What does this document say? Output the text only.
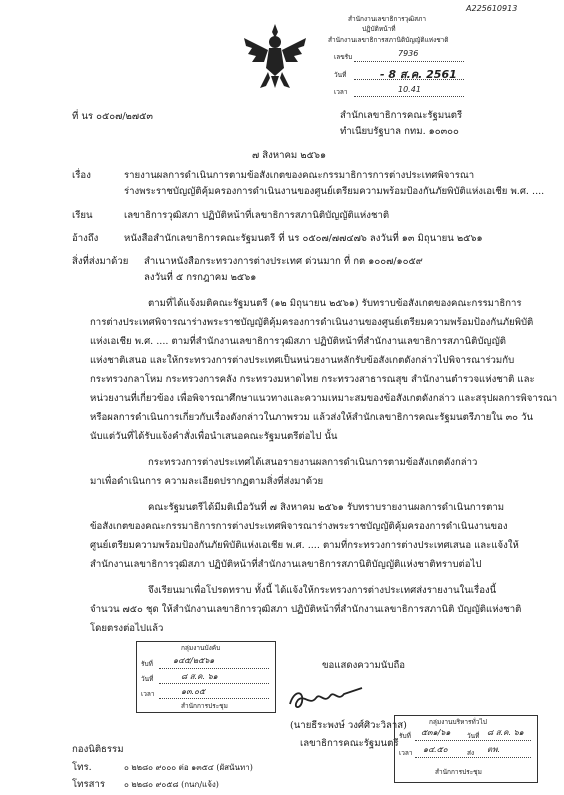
A225610913
สำนักงานเลขาธิการวุฒิสภา
ปฏิบัติหน้าที่
สำนักงานเลขาธิการสภานิติบัญญัติแห่งชาติ
เลขรับ	7936
วันที่	- 8 ส.ค. 2561
เวลา	10.41
ที่ นร ๐๕๐๗/๒๗๕๓	สำนักเลขาธิการคณะรัฐมนตรี
ทำเนียบรัฐบาล กทม. ๑๐๓๐๐
๗ สิงหาคม ๒๕๖๑
เรื่อง	รายงานผลการดำเนินการตามข้อสังเกตของคณะกรรมาธิการการต่างประเทศพิจารณา
ร่างพระราชบัญญัติคุ้มครองการดำเนินงานของศูนย์เตรียมความพร้อมป้องกันภัยพิบัติแห่งเอเชีย พ.ศ. ....
เรียน	เลขาธิการวุฒิสภา ปฏิบัติหน้าที่เลขาธิการสภานิติบัญญัติแห่งชาติ
อ้างถึง	หนังสือสำนักเลขาธิการคณะรัฐมนตรี ที่ นร ๐๕๐๗/๗๗๔๗๖ ลงวันที่ ๑๓ มิถุนายน ๒๕๖๑
สิ่งที่ส่งมาด้วย สำเนาหนังสือกระทรวงการต่างประเทศ ด่วนมาก ที่ กต ๑๐๐๗/๑๐๕๙
ลงวันที่ ๕ กรกฎาคม ๒๕๖๑
ตามที่ได้แจ้งมติคณะรัฐมนตรี (๑๒ มิถุนายน ๒๕๖๑) รับทราบข้อสังเกตของคณะกรรมาธิการ
การต่างประเทศพิจารณาร่างพระราชบัญญัติคุ้มครองการดำเนินงานของศูนย์เตรียมความพร้อมป้องกันภัยพิบัติ
แห่งเอเชีย พ.ศ. .... ตามที่สำนักงานเลขาธิการวุฒิสภา ปฏิบัติหน้าที่สำนักงานเลขาธิการสภานิติบัญญัติ
แห่งชาติเสนอ และให้กระทรวงการต่างประเทศเป็นหน่วยงานหลักรับข้อสังเกตดังกล่าวไปพิจารณาร่วมกับ
กระทรวงกลาโหม กระทรวงการคลัง กระทรวงมหาดไทย กระทรวงสาธารณสุข สำนักงานตำรวจแห่งชาติ และ
หน่วยงานที่เกี่ยวข้อง เพื่อพิจารณาศึกษาแนวทางและความเหมาะสมของข้อสังเกตดังกล่าว และสรุปผลการพิจารณา
หรือผลการดำเนินการเกี่ยวกับเรื่องดังกล่าวในภาพรวม แล้วส่งให้สำนักเลขาธิการคณะรัฐมนตรีภายใน ๓๐ วัน
นับแต่วันที่ได้รับแจ้งคำสั่งเพื่อนำเสนอคณะรัฐมนตรีต่อไป นั้น
กระทรวงการต่างประเทศได้เสนอรายงานผลการดำเนินการตามข้อสังเกตดังกล่าว
มาเพื่อดำเนินการ ความละเอียดปรากฏตามสิ่งที่ส่งมาด้วย
คณะรัฐมนตรีได้มีมติเมื่อวันที่ ๗ สิงหาคม ๒๕๖๑ รับทราบรายงานผลการดำเนินการตาม
ข้อสังเกตของคณะกรรมาธิการการต่างประเทศพิจารณาร่างพระราชบัญญัติคุ้มครองการดำเนินงานของ
ศูนย์เตรียมความพร้อมป้องกันภัยพิบัติแห่งเอเชีย พ.ศ. .... ตามที่กระทรวงการต่างประเทศเสนอ และแจ้งให้
สำนักงานเลขาธิการวุฒิสภา ปฏิบัติหน้าที่สำนักงานเลขาธิการสภานิติบัญญัติแห่งชาติทราบต่อไป
จึงเรียนมาเพื่อโปรดทราบ ทั้งนี้ ได้แจ้งให้กระทรวงการต่างประเทศส่งรายงานในเรื่องนี้
จำนวน ๗๕๐ ชุด ให้สำนักงานเลขาธิการวุฒิสภา ปฏิบัติหน้าที่สำนักงานเลขาธิการสภานิติ บัญญัติแห่งชาติ
โดยตรงต่อไปแล้ว
กลุ่มงานบังคับ
รับที่	๑๔๕/๒๕๖๑
วันที่	๘ ส.ค. ๖๑
เวลา	๑๓.๐๕
สำนักการประชุม
ขอแสดงความนับถือ
(นายธีระพงษ์ วงศ์ศิวะวิลาส)
เลขาธิการคณะรัฐมนตรี
กลุ่มงานบริหารทั่วไป
รับที่ ๕๓๑/๖๑	วันที่ ๘ ส.ค. ๖๑
เวลา ๑๔.๕๐	ส่ง ตพ.
สำนักการประชุม
กองนิติธรรม
โทร.	๐ ๒๒๘๐ ๙๐๐๐ ต่อ ๑๓๕๔ (ผัสนันทา)
โทรสาร ๐ ๒๒๘๐ ๙๐๕๘ (กนก/แจ้ง)
